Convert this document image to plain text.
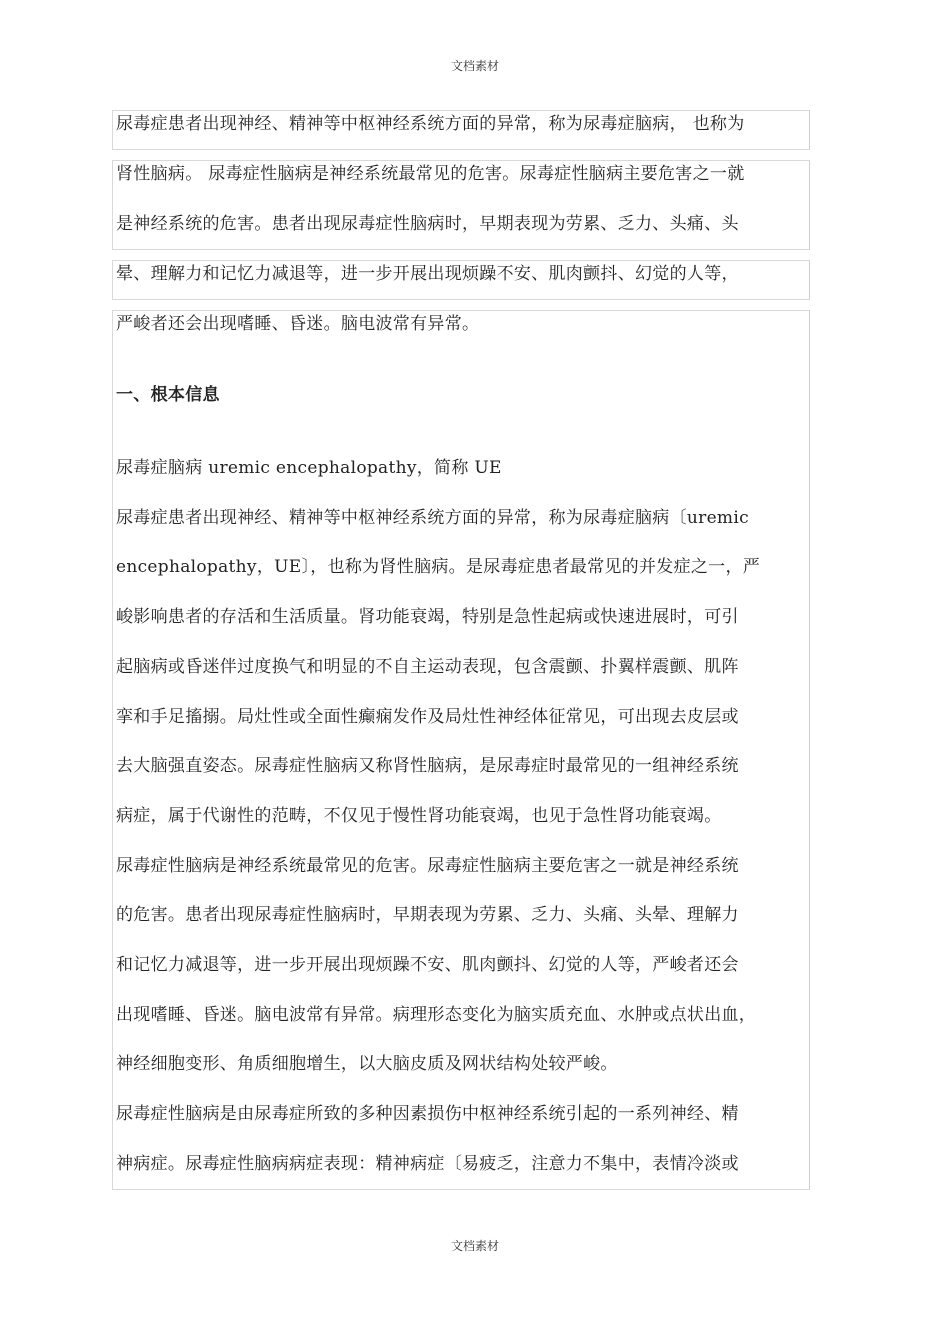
文档素材
尿毒症患者出现神经、精神等中枢神经系统方面的异常，称为尿毒症脑病， 也称为
肾性脑病。 尿毒症性脑病是神经系统最常见的危害。尿毒症性脑病主要危害之一就
是神经系统的危害。患者出现尿毒症性脑病时，早期表现为劳累、乏力、头痛、头
晕、理解力和记忆力减退等，进一步开展出现烦躁不安、肌肉颤抖、幻觉的人等，
严峻者还会出现嗜睡、昏迷。脑电波常有异常。
一、根本信息
尿毒症脑病 uremic encephalopathy，简称 UE
尿毒症患者出现神经、精神等中枢神经系统方面的异常，称为尿毒症脑病〔uremic
encephalopathy，UE〕，也称为肾性脑病。是尿毒症患者最常见的并发症之一，严
峻影响患者的存活和生活质量。肾功能衰竭，特别是急性起病或快速进展时，可引
起脑病或昏迷伴过度换气和明显的不自主运动表现，包含震颤、扑翼样震颤、肌阵
挛和手足搐搦。局灶性或全面性癫痫发作及局灶性神经体征常见，可出现去皮层或
去大脑强直姿态。尿毒症性脑病又称肾性脑病，是尿毒症时最常见的一组神经系统
病症，属于代谢性的范畴，不仅见于慢性肾功能衰竭，也见于急性肾功能衰竭。
尿毒症性脑病是神经系统最常见的危害。尿毒症性脑病主要危害之一就是神经系统
的危害。患者出现尿毒症性脑病时，早期表现为劳累、乏力、头痛、头晕、理解力
和记忆力减退等，进一步开展出现烦躁不安、肌肉颤抖、幻觉的人等，严峻者还会
出现嗜睡、昏迷。脑电波常有异常。病理形态变化为脑实质充血、水肿或点状出血，
神经细胞变形、角质细胞增生，以大脑皮质及网状结构处较严峻。
尿毒症性脑病是由尿毒症所致的多种因素损伤中枢神经系统引起的一系列神经、精
神病症。尿毒症性脑病病症表现：精神病症〔易疲乏，注意力不集中，表情冷淡或
文档素材
